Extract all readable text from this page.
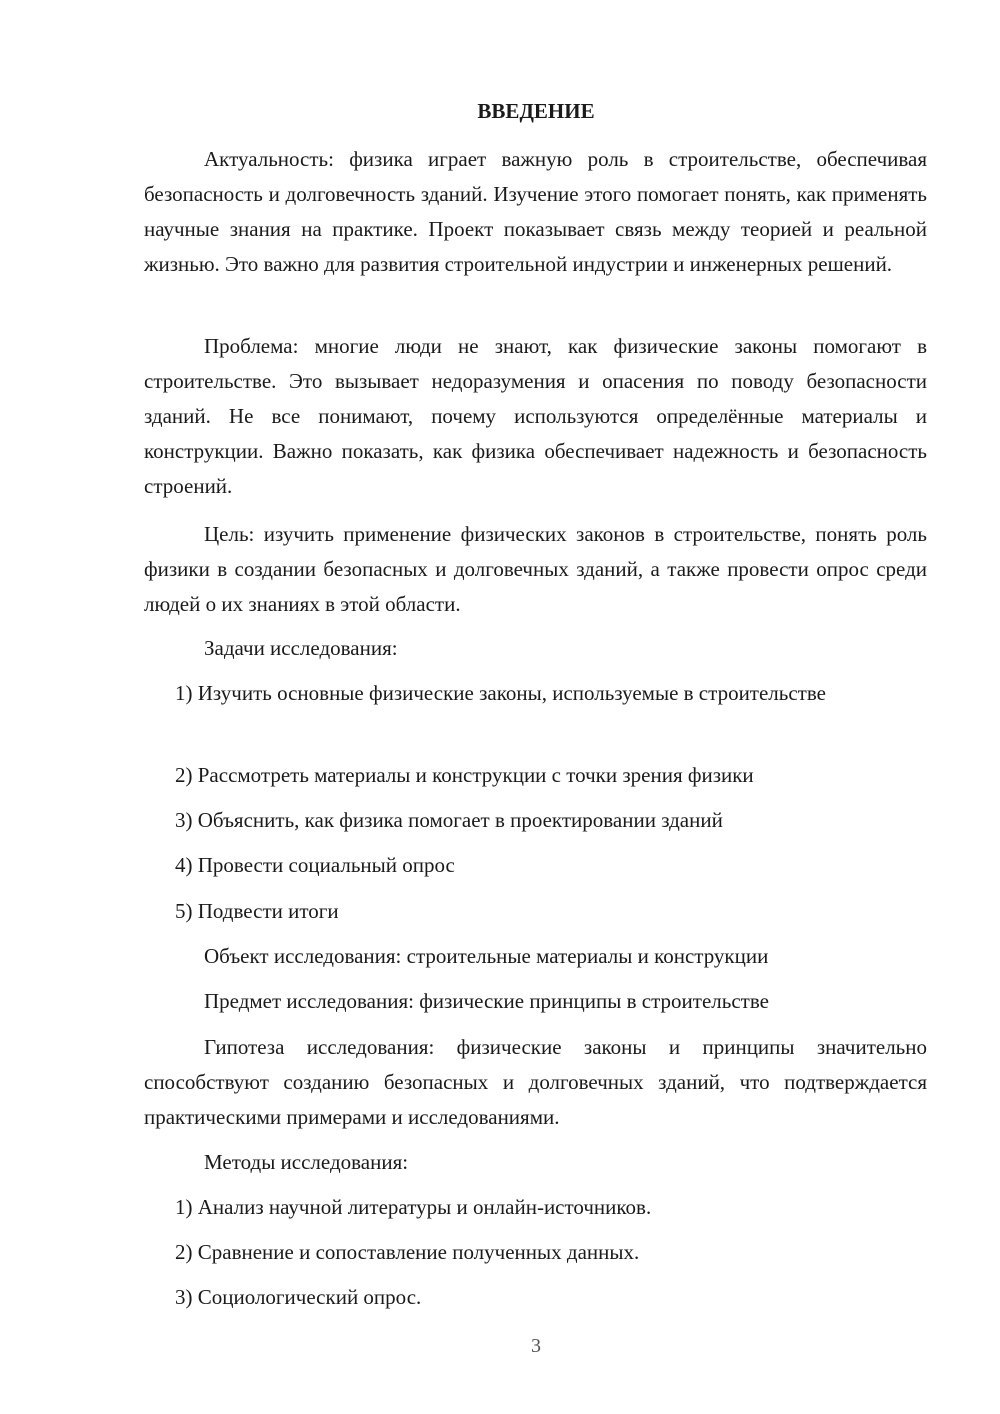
ВВЕДЕНИЕ

Актуальность: физика играет важную роль в строительстве, обеспечивая безопасность и долговечность зданий. Изучение этого помогает понять, как применять научные знания на практике. Проект показывает связь между теорией и реальной жизнью. Это важно для развития строительной индустрии и инженерных решений.

Проблема: многие люди не знают, как физические законы помогают в строительстве. Это вызывает недоразумения и опасения по поводу безопасности зданий. Не все понимают, почему используются определённые материалы и конструкции. Важно показать, как физика обеспечивает надежность и безопасность строений.

Цель: изучить применение физических законов в строительстве, понять роль физики в создании безопасных и долговечных зданий, а также провести опрос среди людей о их знаниях в этой области.

Задачи исследования:

1) Изучить основные физические законы, используемые в строительстве

2) Рассмотреть материалы и конструкции с точки зрения физики
3) Объяснить, как физика помогает в проектировании зданий
4) Провести социальный опрос
5) Подвести итоги
Объект исследования: строительные материалы и конструкции
Предмет исследования: физические принципы в строительстве

Гипотеза исследования: физические законы и принципы значительно способствуют созданию безопасных и долговечных зданий, что подтверждается практическими примерами и исследованиями.

Методы исследования:
1) Анализ научной литературы и онлайн-источников.
2) Сравнение и сопоставление полученных данных.
3) Социологический опрос.
3
